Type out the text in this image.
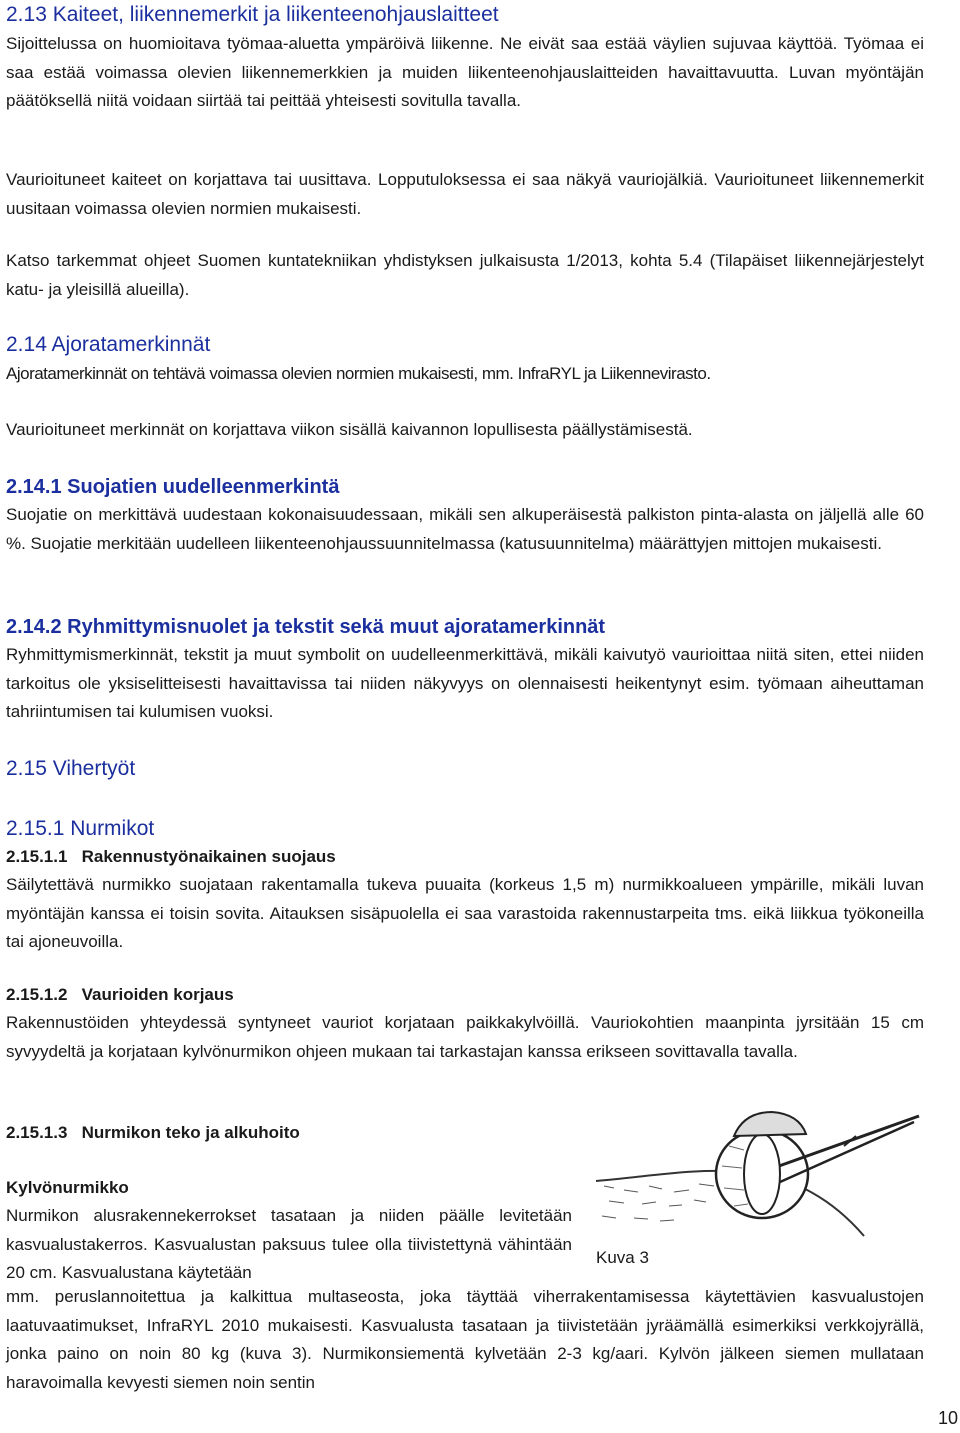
2.13 Kaiteet, liikennemerkit ja liikenteenohjauslaitteet

Sijoittelussa on huomioitava työmaa-aluetta ympäröivä liikenne. Ne eivät saa estää väylien sujuvaa käyttöä. Työmaa ei saa estää voimassa olevien liikennemerkkien ja muiden liikenteenohjauslaitteiden havaittavuutta. Luvan myöntäjän päätöksellä niitä voidaan siirtää tai peittää yhteisesti sovitulla tavalla.

Vaurioituneet kaiteet on korjattava tai uusittava. Lopputuloksessa ei saa näkyä vauriojälkiä. Vaurioituneet liikennemerkit uusitaan voimassa olevien normien mukaisesti.

Katso tarkemmat ohjeet Suomen kuntatekniikan yhdistyksen julkaisusta 1/2013, kohta 5.4 (Tilapäiset liikennejärjestelyt katu- ja yleisillä alueilla).

2.14 Ajoratamerkinnät

Ajoratamerkinnät on tehtävä voimassa olevien normien mukaisesti, mm. InfraRYL ja Liikennevirasto.

Vaurioituneet merkinnät on korjattava viikon sisällä kaivannon lopullisesta päällystämisestä.

2.14.1 Suojatien uudelleenmerkintä

Suojatie on merkittävä uudestaan kokonaisuudessaan, mikäli sen alkuperäisestä palkiston pinta-alasta on jäljellä alle 60 %. Suojatie merkitään uudelleen liikenteenohjaussuunnitelmassa (katusuunnitelma) määrättyjen mittojen mukaisesti.

2.14.2 Ryhmittymisnuolet ja tekstit sekä muut ajoratamerkinnät

Ryhmittymismerkinnät, tekstit ja muut symbolit on uudelleenmerkittävä, mikäli kaivutyö vaurioittaa niitä siten, ettei niiden tarkoitus ole yksiselitteisesti havaittavissa tai niiden näkyvyys on olennaisesti heikentynyt esim. työmaan aiheuttaman tahriintumisen tai kulumisen vuoksi.

2.15 Vihertyöt
2.15.1 Nurmikot
2.15.1.1   Rakennustyönaikainen suojaus

Säilytettävä nurmikko suojataan rakentamalla tukeva puuaita (korkeus 1,5 m) nurmikkoalueen ympärille, mikäli luvan myöntäjän kanssa ei toisin sovita. Aitauksen sisäpuolella ei saa varastoida rakennustarpeita tms. eikä liikkua työkoneilla tai ajoneuvoilla.

2.15.1.2   Vaurioiden korjaus

Rakennustöiden yhteydessä syntyneet vauriot korjataan paikkakylvöillä. Vauriokohtien maanpinta jyrsitään 15 cm syvyydeltä ja korjataan kylvönurmikon ohjeen mukaan tai tarkastajan kanssa erikseen sovittavalla tavalla.

2.15.1.3   Nurmikon teko ja alkuhoito
Kylvönurmikko

Nurmikon alusrakennekerrokset tasataan ja niiden päälle levitetään kasvualustakerros. Kasvualustan paksuus tulee olla tiivistettynä vähintään 20 cm. Kasvualustana käytetään

mm. peruslannoitettua ja kalkittua multaseosta, joka täyttää viherrakentamisessa käytettävien kasvualustojen laatuvaatimukset, InfraRYL 2010 mukaisesti. Kasvualusta tasataan ja tiivistetään jyräämällä esimerkiksi verkkojyrällä, jonka paino on noin 80 kg (kuva 3). Nurmikonsiementä kylvetään 2-3 kg/aari. Kylvön jälkeen siemen mullataan haravoimalla kevyesti siemen noin sentin

Kuva 3
10
